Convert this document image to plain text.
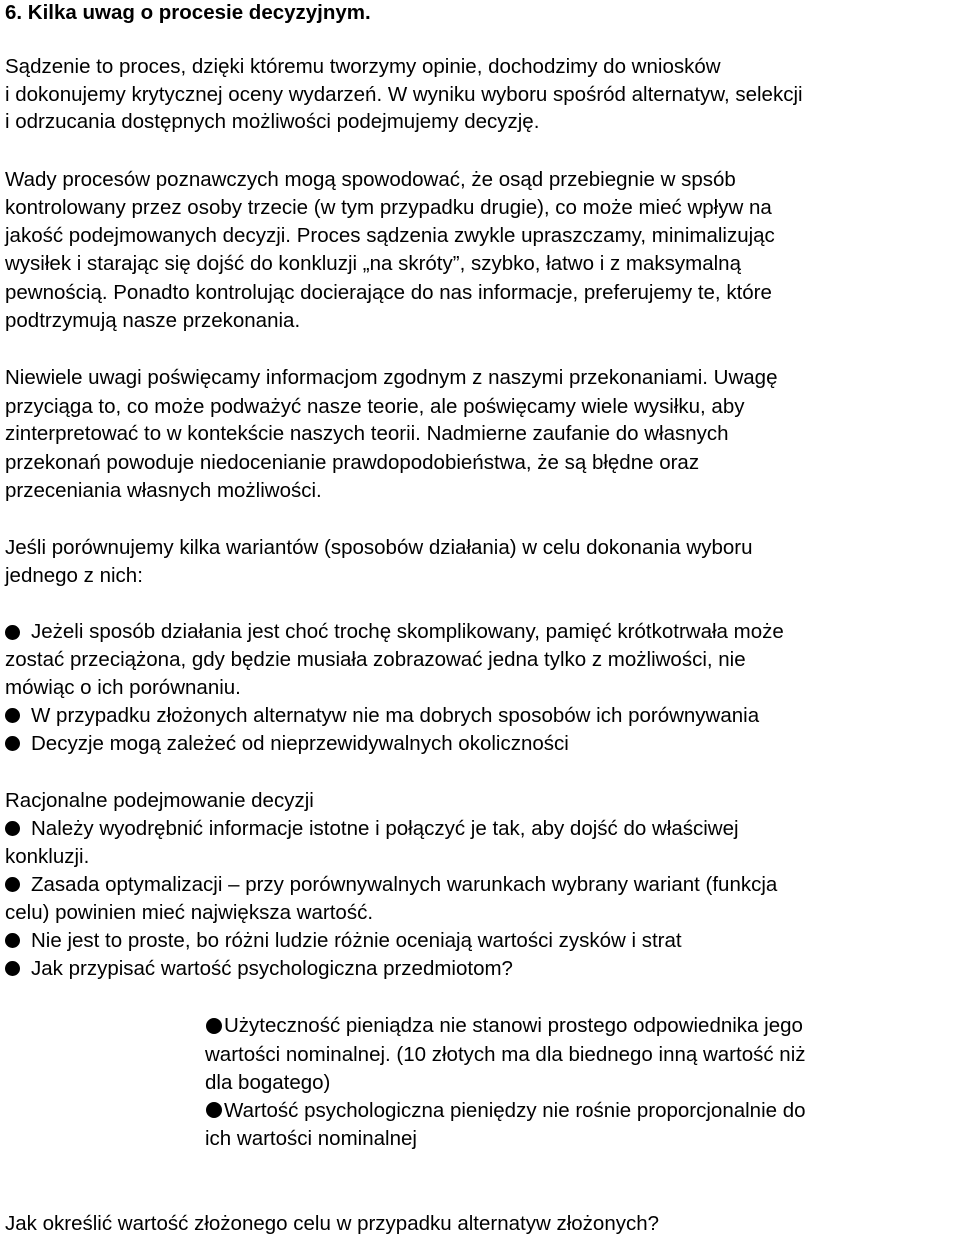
6. Kilka uwag o procesie decyzyjnym.
Sądzenie to proces, dzięki któremu tworzymy opinie, dochodzimy do wniosków
i dokonujemy krytycznej oceny wydarzeń. W wyniku wyboru spośród alternatyw, selekcji
i odrzucania dostępnych możliwości podejmujemy decyzję.
Wady procesów poznawczych mogą spowodować, że osąd przebiegnie w spsób
kontrolowany przez osoby trzecie (w tym przypadku drugie), co może mieć wpływ na
jakość podejmowanych decyzji. Proces sądzenia zwykle upraszczamy, minimalizując
wysiłek i starając się dojść do konkluzji „na skróty”, szybko, łatwo i z maksymalną
pewnością. Ponadto kontrolując docierające do nas informacje, preferujemy te, które
podtrzymują nasze przekonania.
Niewiele uwagi poświęcamy informacjom zgodnym z naszymi przekonaniami. Uwagę
przyciąga to, co może podważyć nasze teorie, ale poświęcamy wiele wysiłku, aby
zinterpretować to w kontekście naszych teorii. Nadmierne zaufanie do własnych
przekonań powoduje niedocenianie prawdopodobieństwa, że są błędne oraz
przeceniania własnych możliwości.
Jeśli porównujemy kilka wariantów (sposobów działania) w celu dokonania wyboru
jednego z nich:
Jeżeli sposób działania jest choć trochę skomplikowany, pamięć krótkotrwała może
zostać przeciążona, gdy będzie musiała zobrazować jedna tylko z możliwości, nie
mówiąc o ich porównaniu.
W przypadku złożonych alternatyw nie ma dobrych sposobów ich porównywania
Decyzje mogą zależeć od nieprzewidywalnych okoliczności
Racjonalne podejmowanie decyzji
Należy wyodrębnić informacje istotne i połączyć je tak, aby dojść do właściwej
konkluzji.
Zasada optymalizacji – przy porównywalnych warunkach wybrany wariant (funkcja
celu) powinien mieć największa wartość.
Nie jest to proste, bo różni ludzie różnie oceniają wartości zysków i strat
Jak przypisać wartość psychologiczna przedmiotom?
Użyteczność pieniądza nie stanowi prostego odpowiednika jego
wartości nominalnej. (10 złotych ma dla biednego inną wartość niż
dla bogatego)
Wartość psychologiczna pieniędzy nie rośnie proporcjonalnie do
ich wartości nominalnej
Jak określić wartość złożonego celu w przypadku alternatyw złożonych?
